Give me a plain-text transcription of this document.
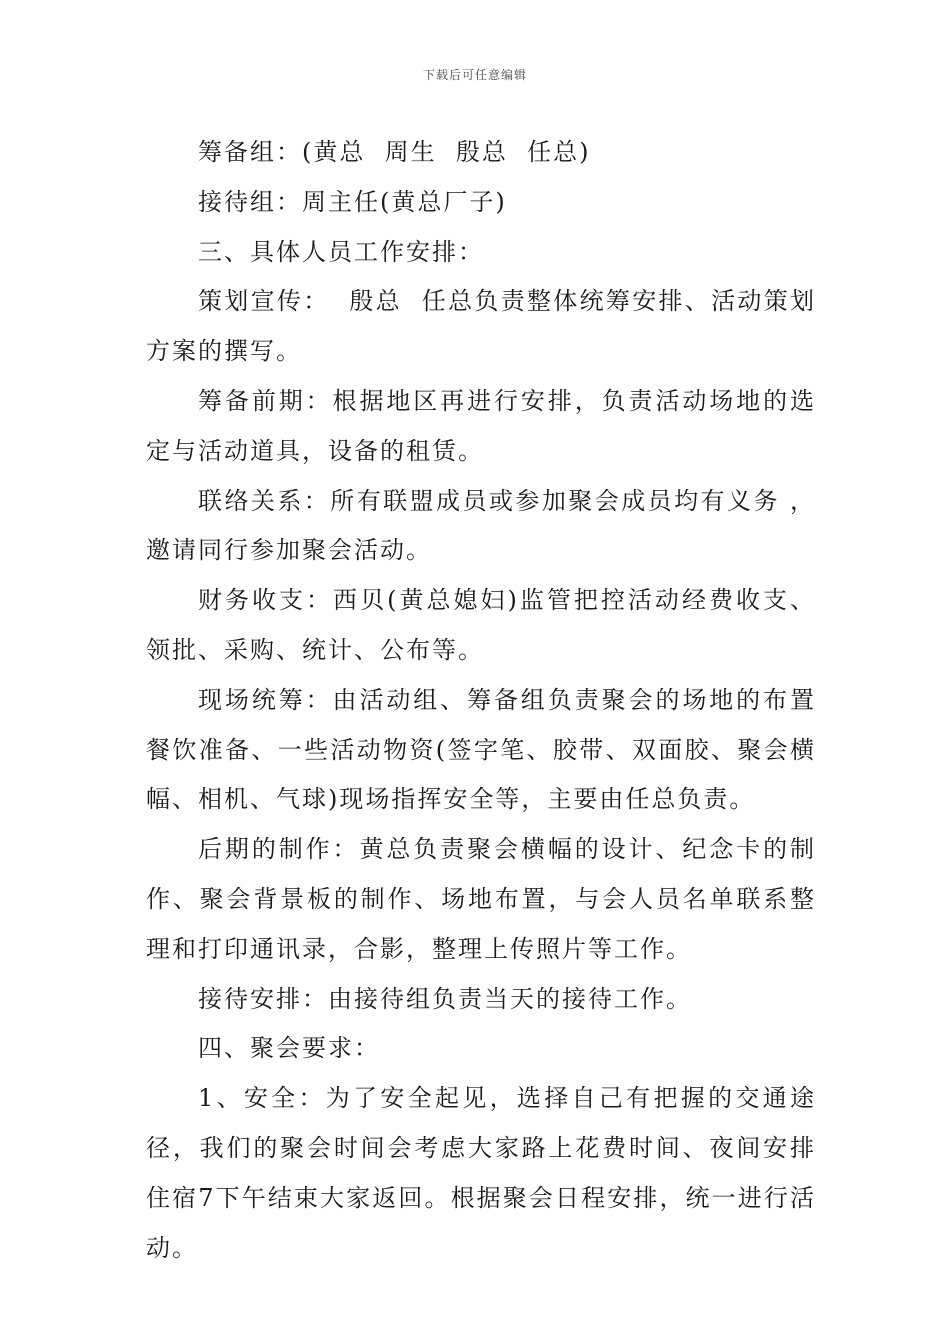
下载后可任意编辑

筹备组：(黄总  周生  殷总  任总)

接待组：周主任(黄总厂子)

三、具体人员工作安排：

策划宣传：  殷总  任总负责整体统筹安排、活动策划方案的撰写。

筹备前期：根据地区再进行安排，负责活动场地的选定与活动道具，设备的租赁。

联络关系：所有联盟成员或参加聚会成员均有义务 ，邀请同行参加聚会活动。

财务收支：西贝(黄总媳妇)监管把控活动经费收支、领批、采购、统计、公布等。

现场统筹：由活动组、筹备组负责聚会的场地的布置餐饮准备、一些活动物资(签字笔、胶带、双面胶、聚会横幅、相机、气球)现场指挥安全等，主要由任总负责。

后期的制作：黄总负责聚会横幅的设计、纪念卡的制作、聚会背景板的制作、场地布置，与会人员名单联系整理和打印通讯录，合影，整理上传照片等工作。

接待安排：由接待组负责当天的接待工作。

四、聚会要求：

1、安全：为了安全起见，选择自己有把握的交通途径，我们的聚会时间会考虑大家路上花费时间、夜间安排住宿7下午结束大家返回。根据聚会日程安排，统一进行活动。
